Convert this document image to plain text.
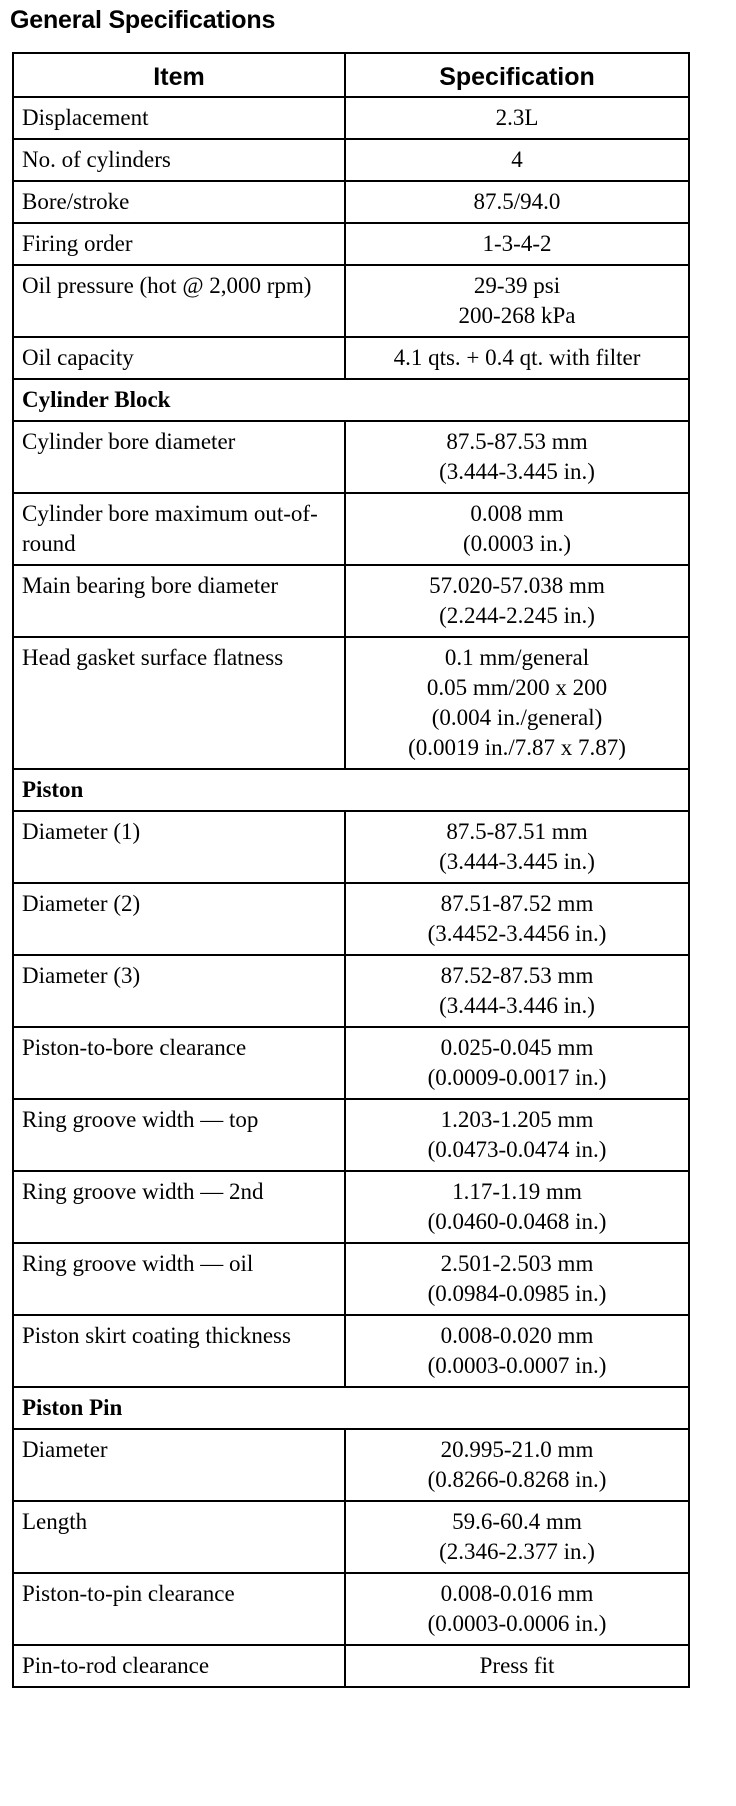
General Specifications
Item	Specification
Displacement	2.3L

No. of cylinders	4

Bore/stroke	87.5/94.0

Firing order	1-3-4-2

Oil pressure (hot @ 2,000 rpm)	29-39 psi
200-268 kPa

Oil capacity	4.1 qts. + 0.4 qt. with filter

Cylinder Block	
Cylinder bore diameter	87.5-87.53 mm
(3.444-3.445 in.)

Cylinder bore maximum out-of-round	0.008 mm
(0.0003 in.)

Main bearing bore diameter	57.020-57.038 mm
(2.244-2.245 in.)

Head gasket surface flatness	0.1 mm/general
0.05 mm/200 x 200
(0.004 in./general)
(0.0019 in./7.87 x 7.87)

Piston	
Diameter (1)	87.5-87.51 mm
(3.444-3.445 in.)

Diameter (2)	87.51-87.52 mm
(3.4452-3.4456 in.)

Diameter (3)	87.52-87.53 mm
(3.444-3.446 in.)

Piston-to-bore clearance	0.025-0.045 mm
(0.0009-0.0017 in.)

Ring groove width — top	1.203-1.205 mm
(0.0473-0.0474 in.)

Ring groove width — 2nd	1.17-1.19 mm
(0.0460-0.0468 in.)

Ring groove width — oil	2.501-2.503 mm
(0.0984-0.0985 in.)

Piston skirt coating thickness	0.008-0.020 mm
(0.0003-0.0007 in.)

Piston Pin	
Diameter	20.995-21.0 mm
(0.8266-0.8268 in.)

Length	59.6-60.4 mm
(2.346-2.377 in.)

Piston-to-pin clearance	0.008-0.016 mm
(0.0003-0.0006 in.)

Pin-to-rod clearance	Press fit
